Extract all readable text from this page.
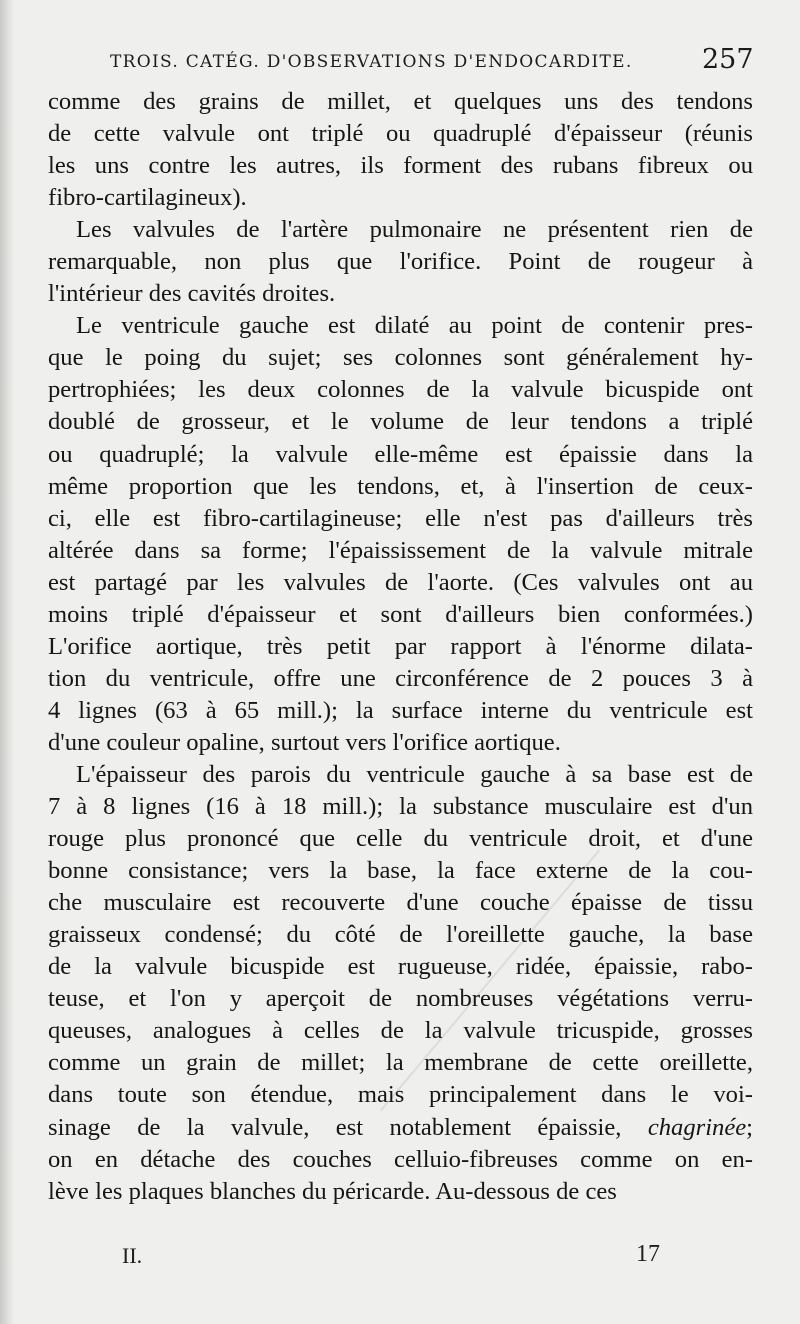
TROIS. CATÉG. D'OBSERVATIONS D'ENDOCARDITE.	257

comme des grains de millet, et quelques uns des tendons
de cette valvule ont triplé ou quadruplé d'épaisseur (réunis
les uns contre les autres, ils forment des rubans fibreux ou
fibro-cartilagineux).

Les valvules de l'artère pulmonaire ne présentent rien de
remarquable, non plus que l'orifice. Point de rougeur à
l'intérieur des cavités droites.

Le ventricule gauche est dilaté au point de contenir pres-
que le poing du sujet; ses colonnes sont généralement hy-
pertrophiées; les deux colonnes de la valvule bicuspide ont
doublé de grosseur, et le volume de leur tendons a triplé
ou quadruplé; la valvule elle-même est épaissie dans la
même proportion que les tendons, et, à l'insertion de ceux-
ci, elle est fibro-cartilagineuse; elle n'est pas d'ailleurs très
altérée dans sa forme; l'épaississement de la valvule mitrale
est partagé par les valvules de l'aorte. (Ces valvules ont au
moins triplé d'épaisseur et sont d'ailleurs bien conformées.)
L'orifice aortique, très petit par rapport à l'énorme dilata-
tion du ventricule, offre une circonférence de 2 pouces 3 à
4 lignes (63 à 65 mill.); la surface interne du ventricule est
d'une couleur opaline, surtout vers l'orifice aortique.

L'épaisseur des parois du ventricule gauche à sa base est de
7 à 8 lignes (16 à 18 mill.); la substance musculaire est d'un
rouge plus prononcé que celle du ventricule droit, et d'une
bonne consistance; vers la base, la face externe de la cou-
che musculaire est recouverte d'une couche épaisse de tissu
graisseux condensé; du côté de l'oreillette gauche, la base
de la valvule bicuspide est rugueuse, ridée, épaissie, rabo-
teuse, et l'on y aperçoit de nombreuses végétations verru-
queuses, analogues à celles de la valvule tricuspide, grosses
comme un grain de millet; la membrane de cette oreillette,
dans toute son étendue, mais principalement dans le voi-
sinage de la valvule, est notablement épaissie, chagrinée;
on en détache des couches celluio-fibreuses comme on en-
lève les plaques blanches du péricarde. Au-dessous de ces

II.	17
